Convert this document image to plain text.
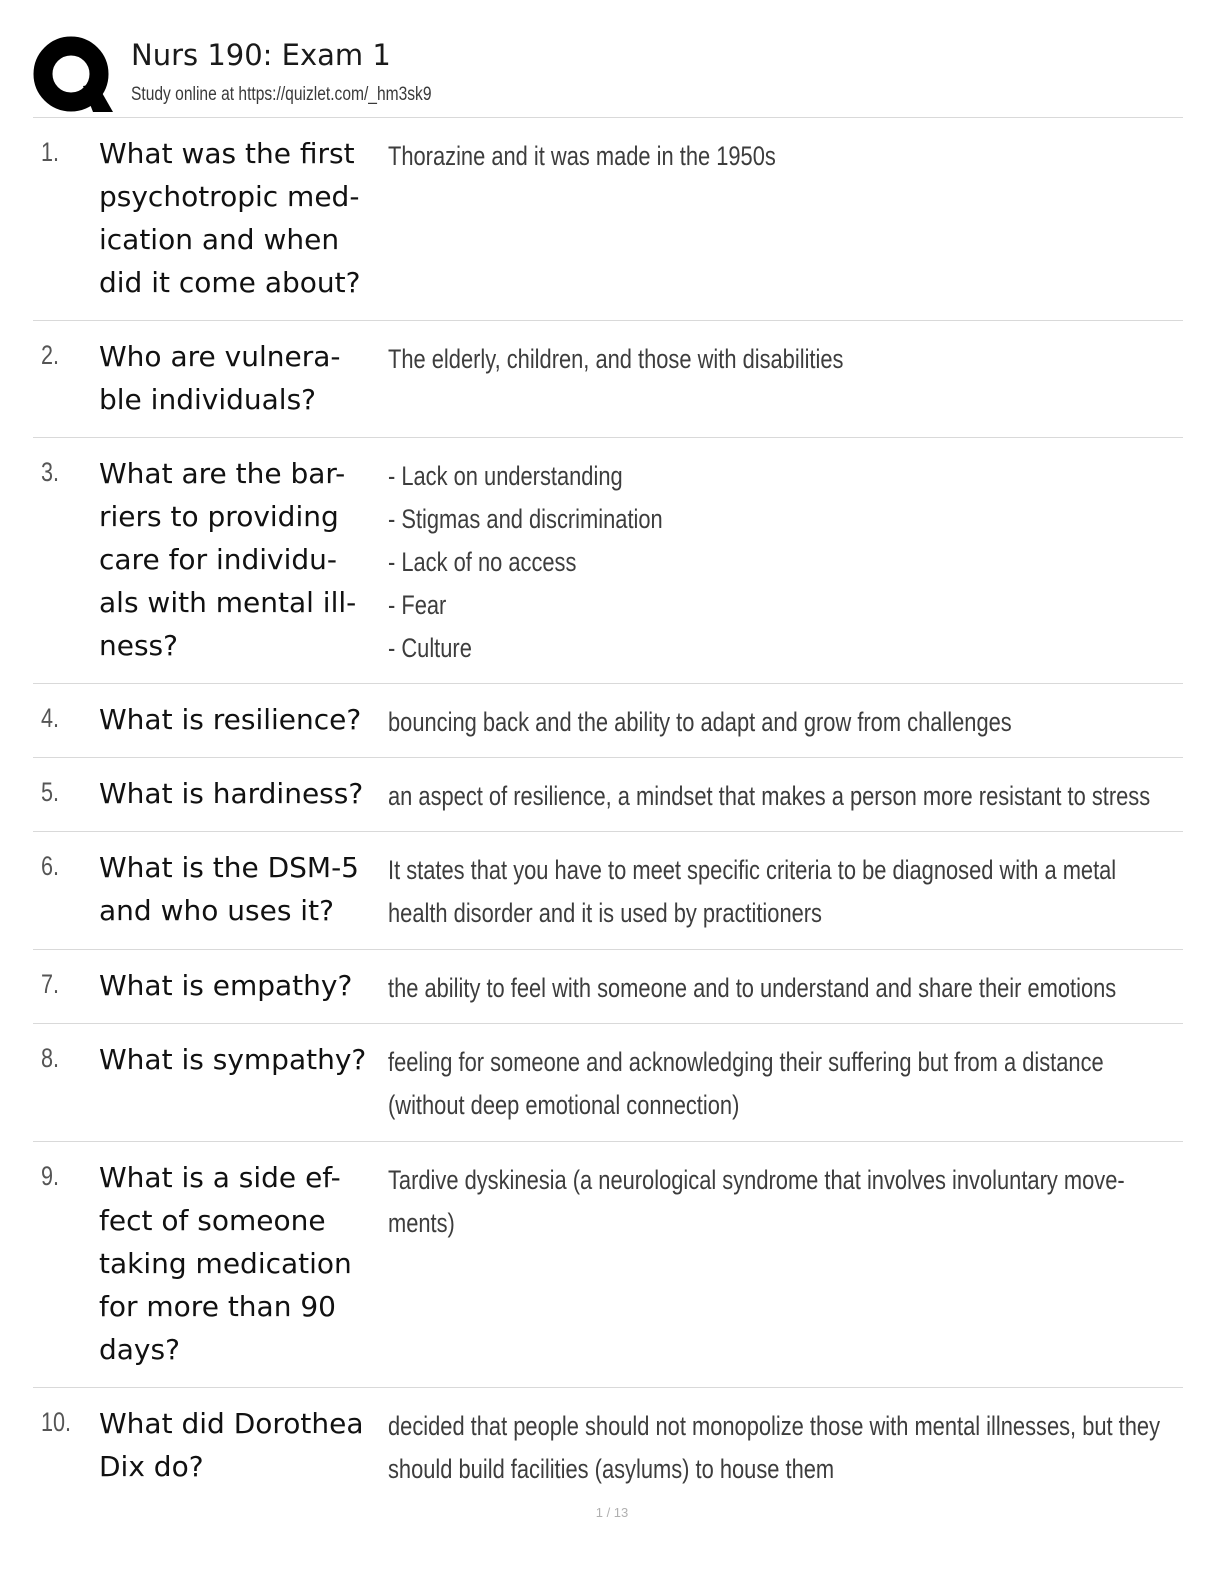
Nurs 190: Exam 1
Study online at https://quizlet.com/_hm3sk9
1. What was the first
psychotropic med-
ication and when
did it come about?
Thorazine and it was made in the 1950s
2. Who are vulnera-
ble individuals?
The elderly, children, and those with disabilities
3. What are the bar-
riers to providing
care for individu-
als with mental ill-
ness?
- Lack on understanding
- Stigmas and discrimination
- Lack of no access
- Fear
- Culture
4. What is resilience? bouncing back and the ability to adapt and grow from challenges
5. What is hardiness? an aspect of resilience, a mindset that makes a person more resistant to stress
6. What is the DSM-5
and who uses it?
It states that you have to meet specific criteria to be diagnosed with a metal
health disorder and it is used by practitioners
7. What is empathy?	the ability to feel with someone and to understand and share their emotions
8. What is sympathy? feeling for someone and acknowledging their suffering but from a distance
(without deep emotional connection)
9. What is a side ef-
fect of someone
taking medication
for more than 90
days?
Tardive dyskinesia (a neurological syndrome that involves involuntary move-
ments)
10. What did Dorothea
Dix do?
decided that people should not monopolize those with mental illnesses, but they
should build facilities (asylums) to house them
1 / 13
